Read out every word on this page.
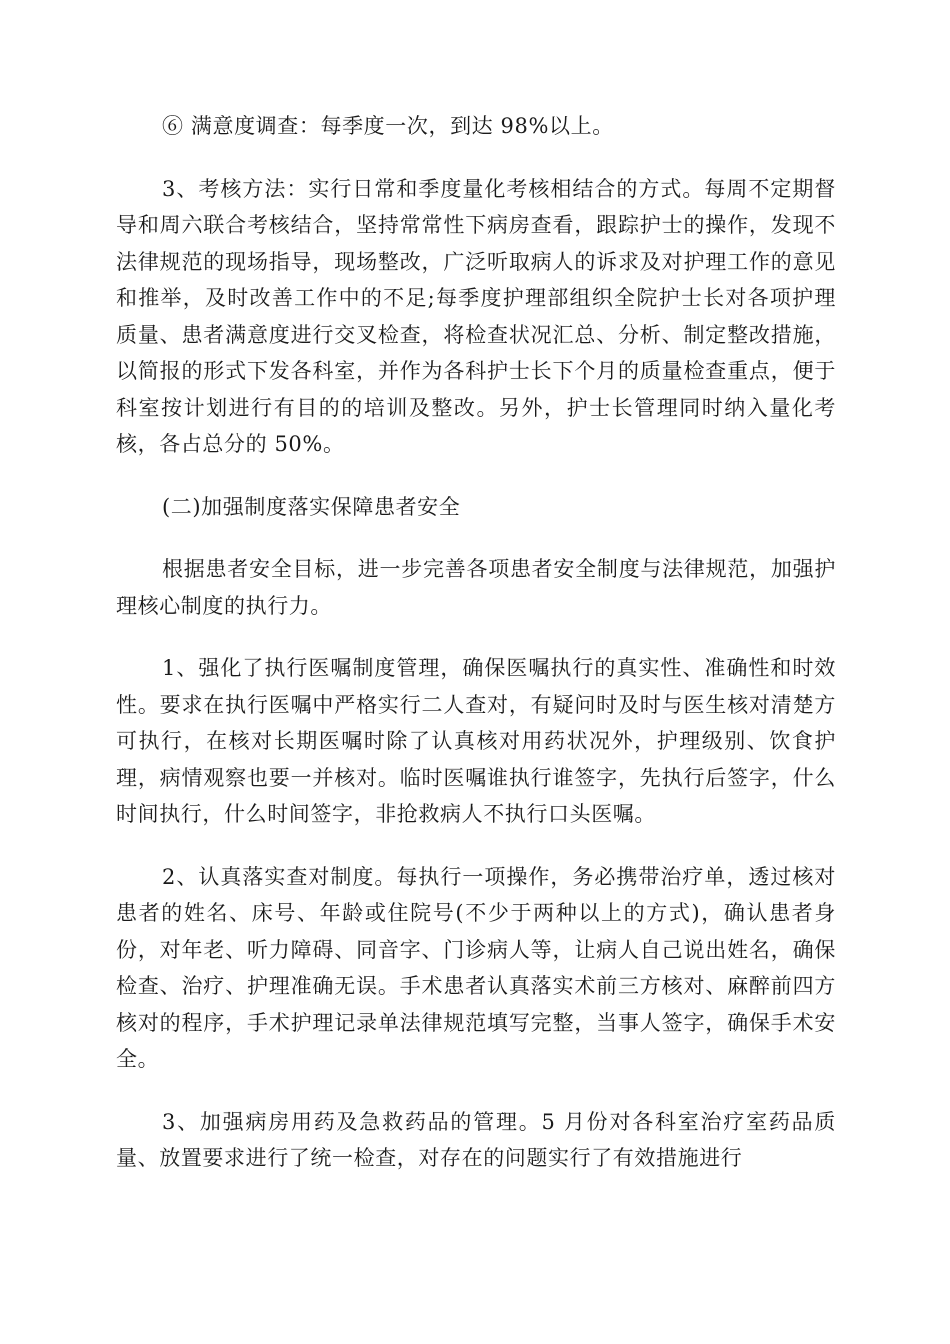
⑥ 满意度调查：每季度一次，到达 98%以上。

3、考核方法：实行日常和季度量化考核相结合的方式。每周不定期督导和周六联合考核结合，坚持常常性下病房查看，跟踪护士的操作，发现不法律规范的现场指导，现场整改，广泛听取病人的诉求及对护理工作的意见和推举，及时改善工作中的不足;每季度护理部组织全院护士长对各项护理质量、患者满意度进行交叉检查，将检查状况汇总、分析、制定整改措施，以简报的形式下发各科室，并作为各科护士长下个月的质量检查重点，便于科室按计划进行有目的的培训及整改。另外，护士长管理同时纳入量化考核，各占总分的 50%。

(二)加强制度落实保障患者安全

根据患者安全目标，进一步完善各项患者安全制度与法律规范，加强护理核心制度的执行力。

1、强化了执行医嘱制度管理，确保医嘱执行的真实性、准确性和时效性。要求在执行医嘱中严格实行二人查对，有疑问时及时与医生核对清楚方可执行，在核对长期医嘱时除了认真核对用药状况外，护理级别、饮食护理，病情观察也要一并核对。临时医嘱谁执行谁签字，先执行后签字，什么时间执行，什么时间签字，非抢救病人不执行口头医嘱。

2、认真落实查对制度。每执行一项操作，务必携带治疗单，透过核对患者的姓名、床号、年龄或住院号(不少于两种以上的方式)，确认患者身份，对年老、听力障碍、同音字、门诊病人等，让病人自己说出姓名，确保检查、治疗、护理准确无误。手术患者认真落实术前三方核对、麻醉前四方核对的程序，手术护理记录单法律规范填写完整，当事人签字，确保手术安全。

3、加强病房用药及急救药品的管理。5 月份对各科室治疗室药品质量、放置要求进行了统一检查，对存在的问题实行了有效措施进行
